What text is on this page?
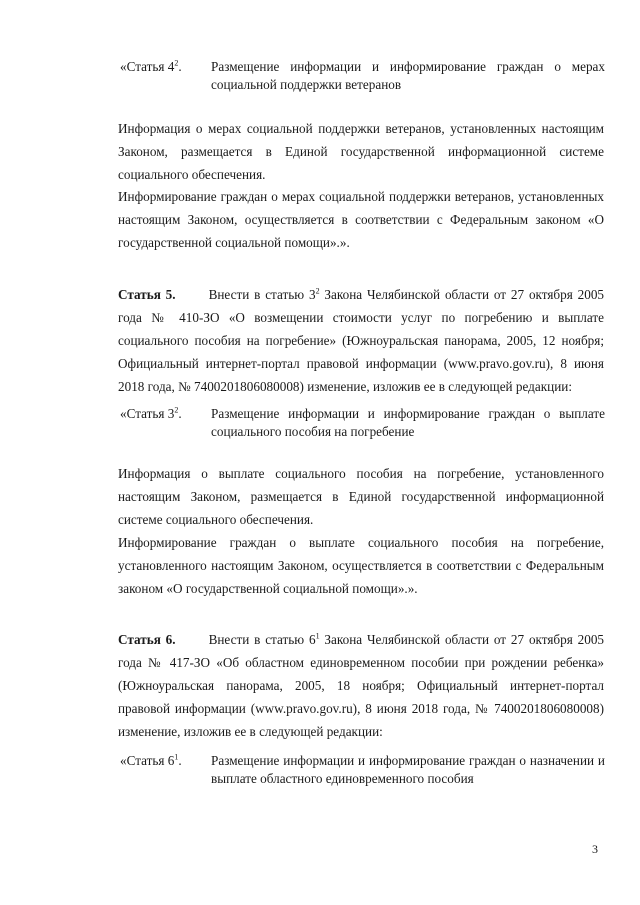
«Статья $4^2$. Размещение информации и информирование граждан о мерах социальной поддержки ветеранов

Информация о мерах социальной поддержки ветеранов, установленных настоящим Законом, размещается в Единой государственной информационной системе социального обеспечения.

Информирование граждан о мерах социальной поддержки ветеранов, установленных настоящим Законом, осуществляется в соответствии с Федеральным законом «О государственной социальной помощи».».

Статья 5.	Внести в статью $3^2$ Закона Челябинской области от 27 октября 2005 года № 410-ЗО «О возмещении стоимости услуг по погребению и выплате социального пособия на погребение» (Южноуральская панорама, 2005, 12 ноября; Официальный интернет-портал правовой информации (www.pravo.gov.ru), 8 июня 2018 года, № 7400201806080008) изменение, изложив ее в следующей редакции:

«Статья $3^2$. Размещение информации и информирование граждан о выплате социального пособия на погребение

Информация о выплате социального пособия на погребение, установленного настоящим Законом, размещается в Единой государственной информационной системе социального обеспечения.

Информирование граждан о выплате социального пособия на погребение, установленного настоящим Законом, осуществляется в соответствии с Федеральным законом «О государственной социальной помощи».».

Статья 6.	Внести в статью $6^1$ Закона Челябинской области от 27 октября 2005 года № 417-ЗО «Об областном единовременном пособии при рождении ребенка» (Южноуральская панорама, 2005, 18 ноября; Официальный интернет-портал правовой информации (www.pravo.gov.ru), 8 июня 2018 года, № 7400201806080008) изменение, изложив ее в следующей редакции:

«Статья $6^1$. Размещение информации и информирование граждан о назначении и выплате областного единовременного пособия
3
